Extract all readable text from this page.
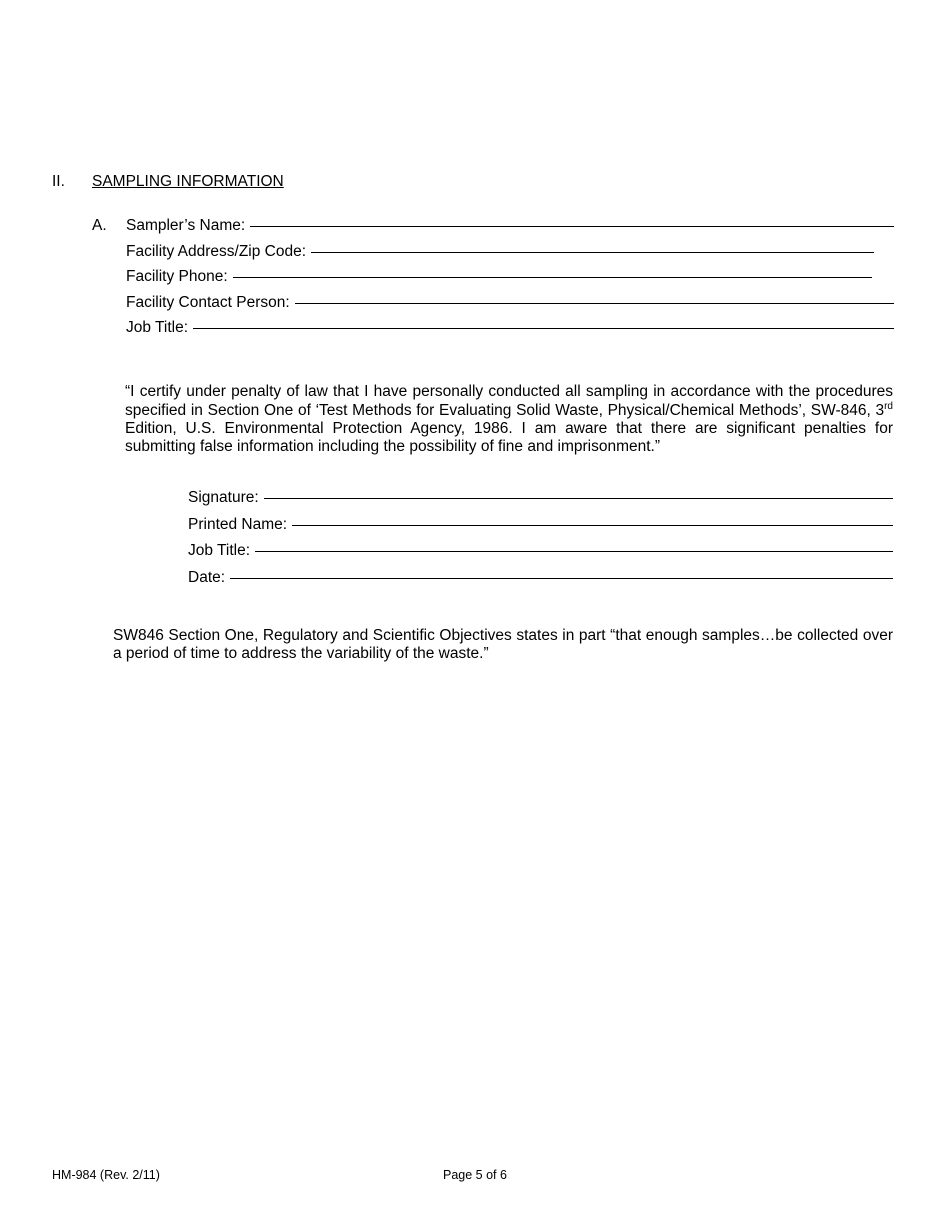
II. SAMPLING INFORMATION
A.	Sampler’s Name:
Facility Address/Zip Code:
Facility Phone:
Facility Contact Person:
Job Title:
“I certify under penalty of law that I have personally conducted all sampling in accordance with the procedures specified in Section One of ‘Test Methods for Evaluating Solid Waste, Physical/Chemical Methods’, SW-846, 3rd Edition, U.S. Environmental Protection Agency, 1986. I am aware that there are significant penalties for submitting false information including the possibility of fine and imprisonment.”
Signature:
Printed Name:
Job Title:
Date:
SW846 Section One, Regulatory and Scientific Objectives states in part “that enough samples…be collected over a period of time to address the variability of the waste.”
HM-984 (Rev. 2/11)	Page 5 of 6
